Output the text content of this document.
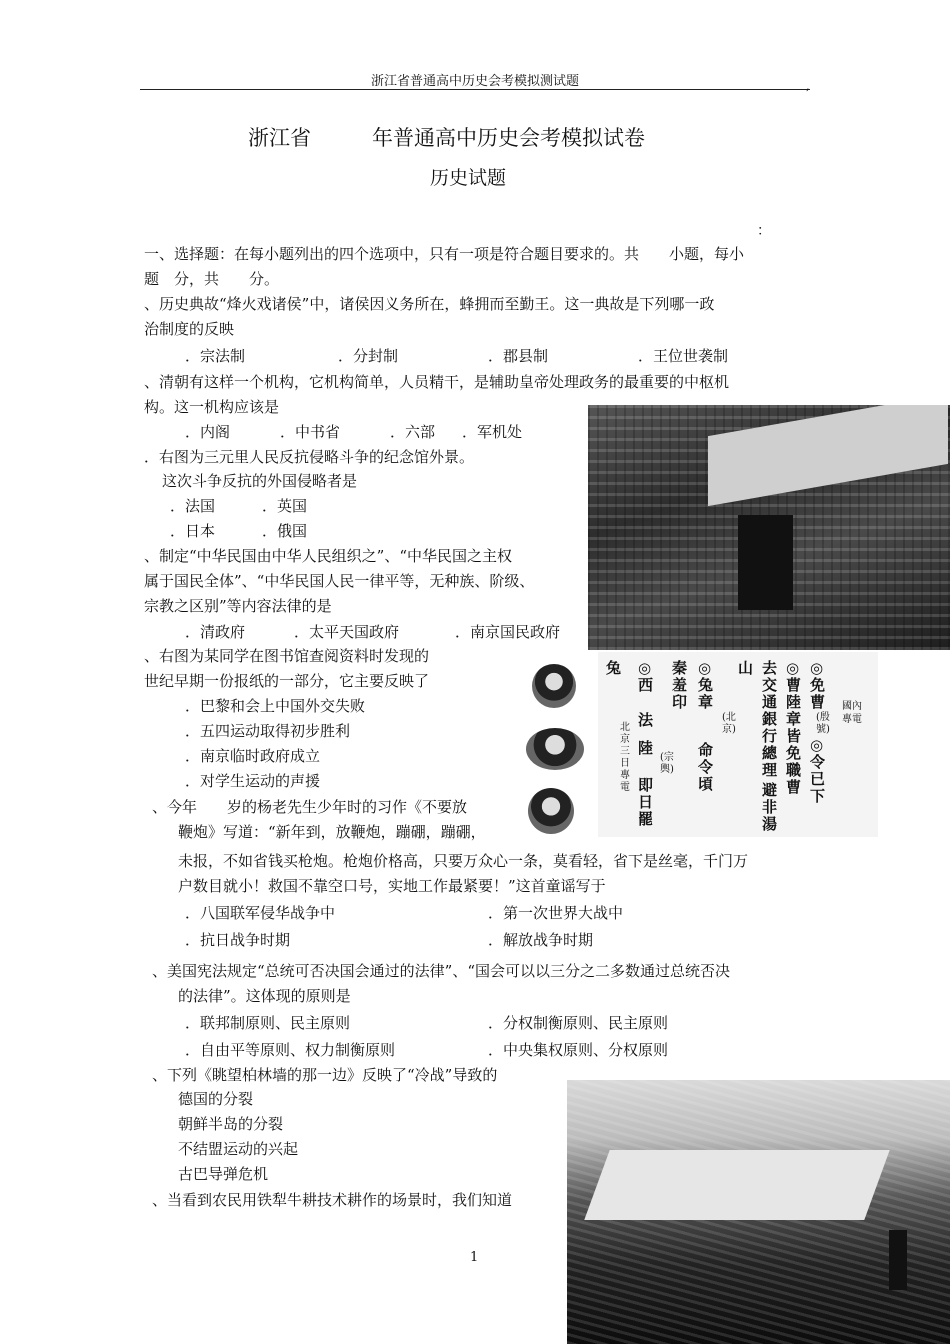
浙江省普通高中历史会考模拟测试题	,
浙江省	年普通高中历史会考模拟试卷
历史试题
：
一、选择题：在每小题列出的四个选项中，只有一项是符合题目要求的。共　　小题，每小
题　分，共　　分。
、历史典故“烽火戏诸侯”中，诸侯因义务所在，蜂拥而至勤王。这一典故是下列哪一政
治制度的反映
．宗法制	．分封制	．郡县制	．王位世袭制
、清朝有这样一个机构，它机构简单，人员精干，是辅助皇帝处理政务的最重要的中枢机
构。这一机构应该是
．内阁	．中书省	．六部 ．军机处
．右图为三元里人民反抗侵略斗争的纪念馆外景。
这次斗争反抗的外国侵略者是
．法国	．英国
．日本	．俄国
、制定“中华民国由中华人民组织之”、“中华民国之主权
属于国民全体”、“中华民国人民一律平等，无种族、阶级、
宗教之区别”等内容法律的是
．清政府	．太平天国政府	．南京国民政府
、右图为某同学在图书馆查阅资料时发现的
世纪早期一份报纸的一部分，它主要反映了
．巴黎和会上中国外交失败
．五四运动取得初步胜利
．南京临时政府成立
．对学生运动的声援
、今年　　岁的杨老先生少年时的习作《不要放
鞭炮》写道：“新年到，放鞭炮，蹦硼，蹦硼，
未报，不如省钱买枪炮。枪炮价格高，只要万众心一条，莫看轻，省下是丝毫，千门万
户数目就小！救国不靠空口号，实地工作最紧要！”这首童谣写于
．八国联军侵华战争中	．第一次世界大战中
．抗日战争时期	．解放战争时期
、美国宪法规定“总统可否决国会通过的法律”、“国会可以以三分之二多数通过总统否决
的法律”。这体现的原则是
．联邦制原则、民主原则	．分权制衡原则、民主原则
．自由平等原则、权力制衡原则	．中央集权原则、分权原则
、下列《眺望柏林墙的那一边》反映了“冷战”导致的
德国的分裂
朝鲜半岛的分裂
不结盟运动的兴起
古巴导弹危机
、当看到农民用铁犁牛耕技术耕作的场景时，我们知道
◎免曹
◎曹陸章皆免
去交通銀行總理
山
◎兔章
秦羞印
◎西
兔
◎令已下
職曹
避非湯
命令頃
法
陸
即日罷
(殷號)
(北京)
(宗輿)
北京三日專電
國內專電
1
